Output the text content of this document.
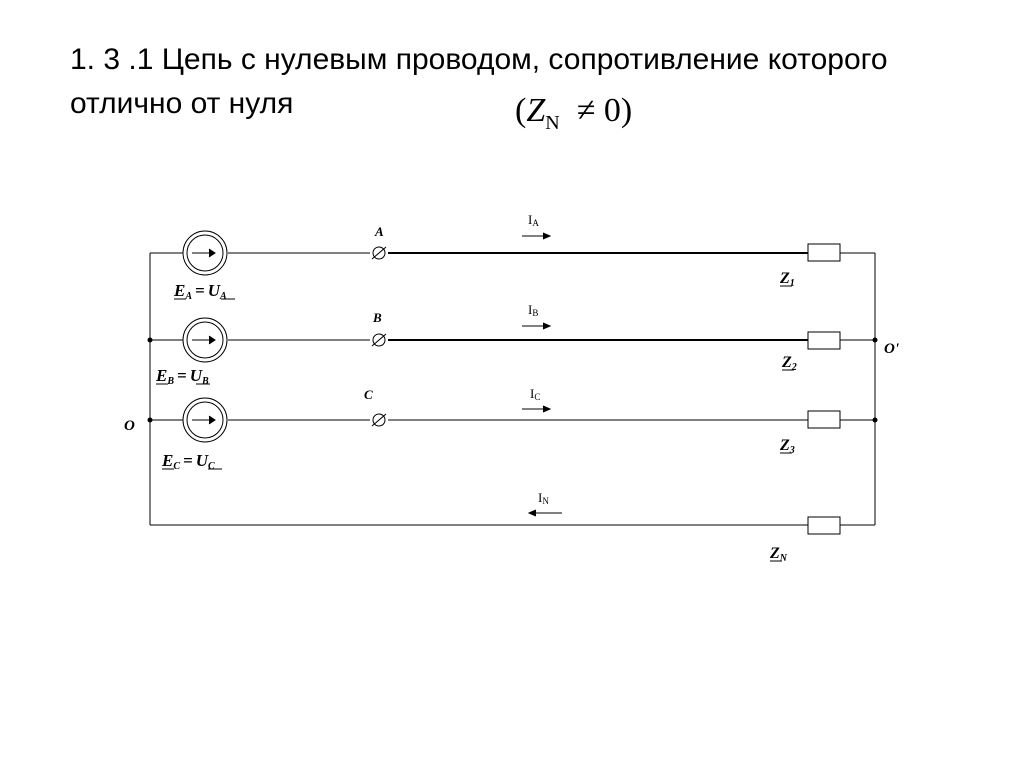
1. 3 .1 Цепь с нулевым проводом, сопротивление которого отлично от нуля	$(Z_N \ne 0)$
O
O'
A
B
C
IA
IB
IC
IN
EA = UA
EB = UB
EC = UC
Z1
Z2
Z3
ZN
